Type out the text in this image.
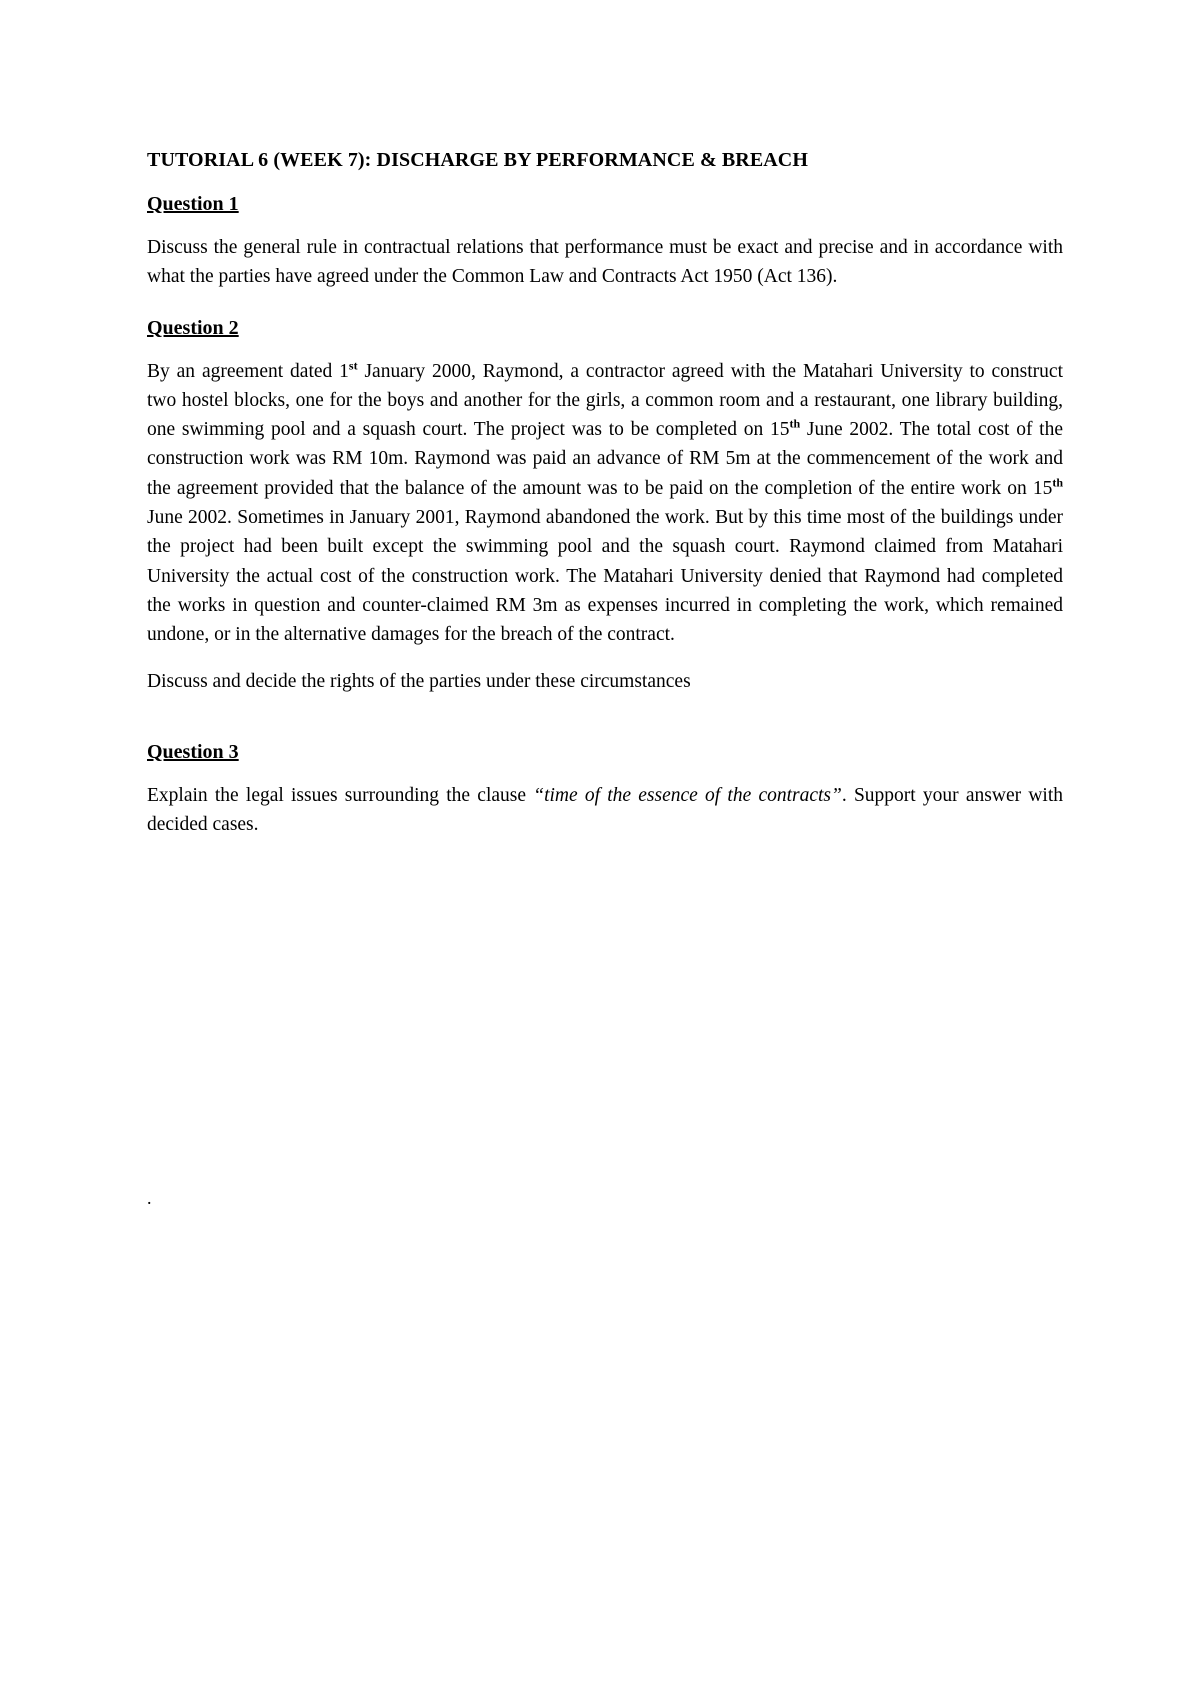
TUTORIAL 6 (WEEK 7): DISCHARGE BY PERFORMANCE & BREACH

Question 1

Discuss the general rule in contractual relations that performance must be exact and precise and in accordance with what the parties have agreed under the Common Law and Contracts Act 1950 (Act 136).

Question 2

By an agreement dated 1st January 2000, Raymond, a contractor agreed with the Matahari University to construct two hostel blocks, one for the boys and another for the girls, a common room and a restaurant, one library building, one swimming pool and a squash court. The project was to be completed on 15th June 2002. The total cost of the construction work was RM 10m. Raymond was paid an advance of RM 5m at the commencement of the work and the agreement provided that the balance of the amount was to be paid on the completion of the entire work on 15th June 2002. Sometimes in January 2001, Raymond abandoned the work. But by this time most of the buildings under the project had been built except the swimming pool and the squash court. Raymond claimed from Matahari University the actual cost of the construction work. The Matahari University denied that Raymond had completed the works in question and counter-claimed RM 3m as expenses incurred in completing the work, which remained undone, or in the alternative damages for the breach of the contract.

Discuss and decide the rights of the parties under these circumstances

Question 3

Explain the legal issues surrounding the clause “time of the essence of the contracts”. Support your answer with decided cases.

.
